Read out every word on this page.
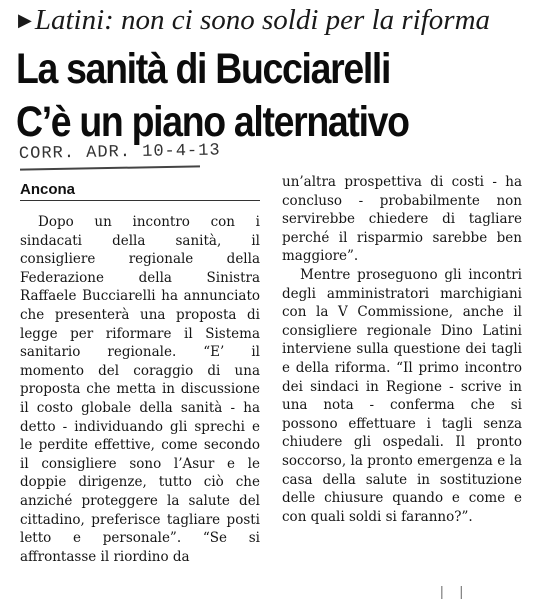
▶ Latini: non ci sono soldi per la riforma
La sanità di Bucciarelli
C’è un piano alternativo
CORR. ADR. 10-4-13
Ancona

Dopo un incontro con i sindacati della sanità, il consigliere regionale della Federazione della Sinistra Raffaele Bucciarelli ha annunciato che presenterà una proposta di legge per riformare il Sistema sanitario regionale. “E’ il momento del coraggio di una proposta che metta in discussione il costo globale della sanità - ha detto - individuando gli sprechi e le perdite effettive, come secondo il consigliere sono l’Asur e le doppie dirigenze, tutto ciò che anziché proteggere la salute del cittadino, preferisce tagliare posti letto e personale”. “Se si affrontasse il riordino da

un’altra prospettiva di costi - ha concluso - probabilmente non servirebbe chiedere di tagliare perché il risparmio sarebbe ben maggiore”.

Mentre proseguono gli incontri degli amministratori marchigiani con la V Commissione, anche il consigliere regionale Dino Latini interviene sulla questione dei tagli e della riforma. “Il primo incontro dei sindaci in Regione - scrive in una nota - conferma che si possono effettuare i tagli senza chiudere gli ospedali. Il pronto soccorso, la pronto emergenza e la casa della salute in sostituzione delle chiusure quando e come e con quali soldi si faranno?”.

| |
